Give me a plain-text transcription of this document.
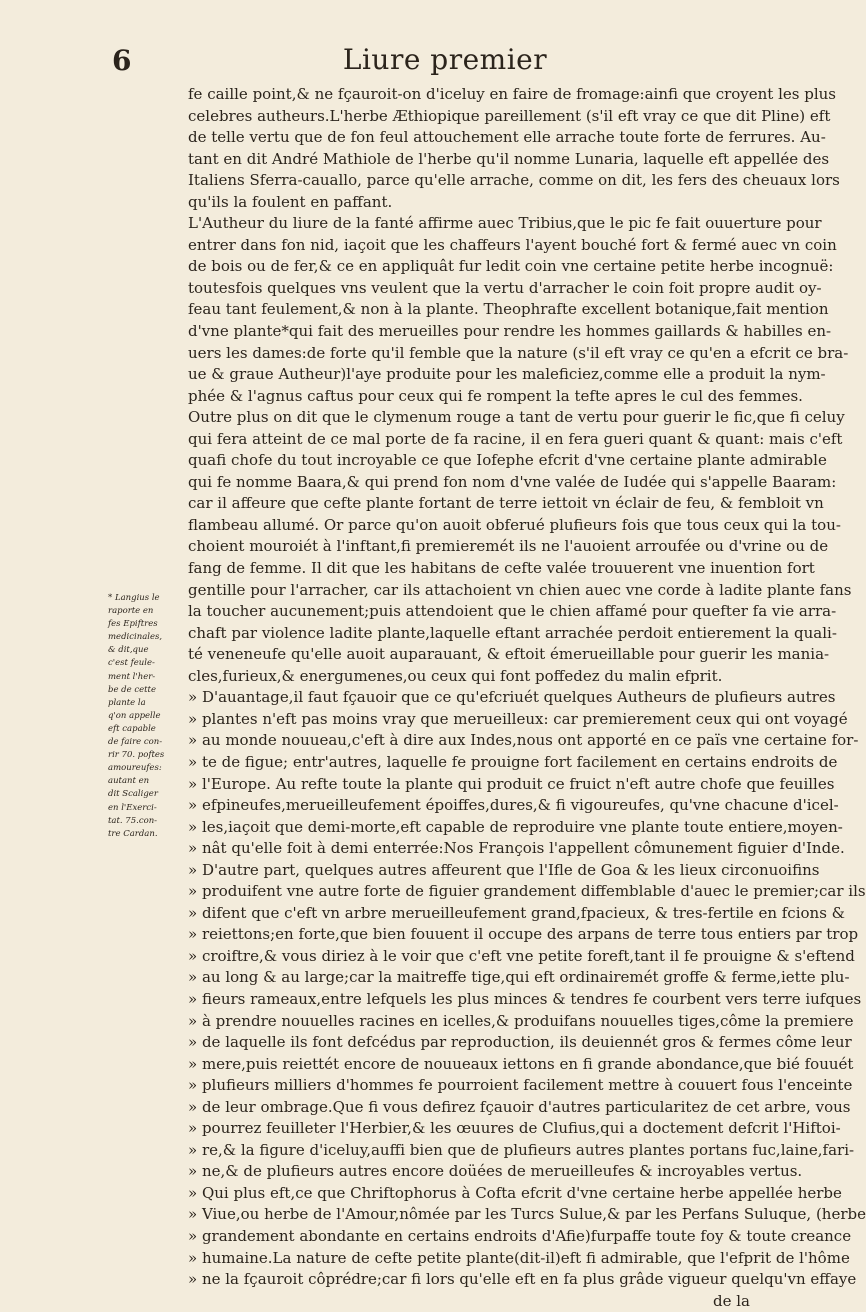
6	Liure premier
* Langius le
raporte en
fes Epiftres
medicinales,
& dit,que
c'est feule-
ment l'her-
be de cette
plante la
q'on appelle
eft capable
de faire con-
rir 70. poftes
amoureufes:
autant en
dit Scaliger
en l'Exerci-
tat. 75.con-
tre Cardan.
fe caille point,& ne fçauroit-on d'iceluy en faire de fromage:ainfi que croyent les plus
celebres autheurs.L'herbe Æthiopique pareillement (s'il eft vray ce que dit Pline) eft
de telle vertu que de fon feul attouchement elle arrache toute forte de ferrures. Au-
tant en dit André Mathiole de l'herbe qu'il nomme Lunaria, laquelle eft appellée des
Italiens Sferra-cauallo, parce qu'elle arrache, comme on dit, les fers des cheuaux lors
qu'ils la foulent en paffant.
L'Autheur du liure de la fanté affirme auec Tribius,que le pic fe fait ouuerture pour
entrer dans fon nid, iaçoit que les chaffeurs l'ayent bouché fort & fermé auec vn coin
de bois ou de fer,& ce en appliquât fur ledit coin vne certaine petite herbe incognuë:
toutesfois quelques vns veulent que la vertu d'arracher le coin foit propre audit oy-
feau tant feulement,& non à la plante. Theophrafte excellent botanique,fait mention
d'vne plante*qui fait des merueilles pour rendre les hommes gaillards & habilles en-
uers les dames:de forte qu'il femble que la nature (s'il eft vray ce qu'en a efcrit ce bra-
ue & graue Autheur)l'aye produite pour les maleficiez,comme elle a produit la nym-
phée & l'agnus caftus pour ceux qui fe rompent la tefte apres le cul des femmes.
Outre plus on dit que le clymenum rouge a tant de vertu pour guerir le fic,que fi celuy
qui fera atteint de ce mal porte de fa racine, il en fera gueri quant & quant: mais c'eft
quafi chofe du tout incroyable ce que Iofephe efcrit d'vne certaine plante admirable
qui fe nomme Baara,& qui prend fon nom d'vne valée de Iudée qui s'appelle Baaram:
car il affeure que cefte plante fortant de terre iettoit vn éclair de feu, & fembloit vn
flambeau allumé. Or parce qu'on auoit obferué plufieurs fois que tous ceux qui la tou-
choient mouroiét à l'inftant,fi premieremét ils ne l'auoient arroufée ou d'vrine ou de
fang de femme. Il dit que les habitans de cefte valée trouuerent vne inuention fort
gentille pour l'arracher, car ils attachoient vn chien auec vne corde à ladite plante fans
la toucher aucunement;puis attendoient que le chien affamé pour quefter fa vie arra-
chaft par violence ladite plante,laquelle eftant arrachée perdoit entierement la quali-
té veneneufe qu'elle auoit auparauant, & eftoit émerueillable pour guerir les mania-
cles,furieux,& energumenes,ou ceux qui font poffedez du malin efprit.
» D'auantage,il faut fçauoir que ce qu'efcriuét quelques Autheurs de plufieurs autres
» plantes n'eft pas moins vray que merueilleux: car premierement ceux qui ont voyagé
» au monde nouueau,c'eft à dire aux Indes,nous ont apporté en ce païs vne certaine for-
» te de figue; entr'autres, laquelle fe prouigne fort facilement en certains endroits de
» l'Europe. Au refte toute la plante qui produit ce fruict n'eft autre chofe que feuilles
» efpineufes,merueilleufement époiffes,dures,& fi vigoureufes, qu'vne chacune d'icel-
» les,iaçoit que demi-morte,eft capable de reproduire vne plante toute entiere,moyen-
» nât qu'elle foit à demi enterrée:Nos François l'appellent cômunement figuier d'Inde.
» D'autre part, quelques autres affeurent que l'Ifle de Goa & les lieux circonuoifins
» produifent vne autre forte de figuier grandement diffemblable d'auec le premier;car ils
» difent que c'eft vn arbre merueilleufement grand,fpacieux, & tres-fertile en fcions &
» reiettons;en forte,que bien fouuent il occupe des arpans de terre tous entiers par trop
» croiftre,& vous diriez à le voir que c'eft vne petite foreft,tant il fe prouigne & s'eftend
» au long & au large;car la maitreffe tige,qui eft ordinairemét groffe & ferme,iette plu-
» fieurs rameaux,entre lefquels les plus minces & tendres fe courbent vers terre iufques
» à prendre nouuelles racines en icelles,& produifans nouuelles tiges,côme la premiere
» de laquelle ils font defcédus par reproduction, ils deuiennét gros & fermes côme leur
» mere,puis reiettét encore de nouueaux iettons en fi grande abondance,que bié fouuét
» plufieurs milliers d'hommes fe pourroient facilement mettre à couuert fous l'enceinte
» de leur ombrage.Que fi vous defirez fçauoir d'autres particularitez de cet arbre, vous
» pourrez feuilleter l'Herbier,& les œuures de Clufius,qui a doctement defcrit l'Hiftoi-
» re,& la figure d'iceluy,auffi bien que de plufieurs autres plantes portans fuc,laine,fari-
» ne,& de plufieurs autres encore doüées de merueilleufes & incroyables vertus.
» Qui plus eft,ce que Chriftophorus à Cofta efcrit d'vne certaine herbe appellée herbe
» Viue,ou herbe de l'Amour,nômée par les Turcs Sulue,& par les Perfans Suluque, (herbe
» grandement abondante en certains endroits d'Afie)furpaffe toute foy & toute creance
» humaine.La nature de cefte petite plante(dit-il)eft fi admirable, que l'efprit de l'hôme
» ne la fçauroit côprédre;car fi lors qu'elle eft en fa plus grâde vigueur quelqu'vn effaye
de la
